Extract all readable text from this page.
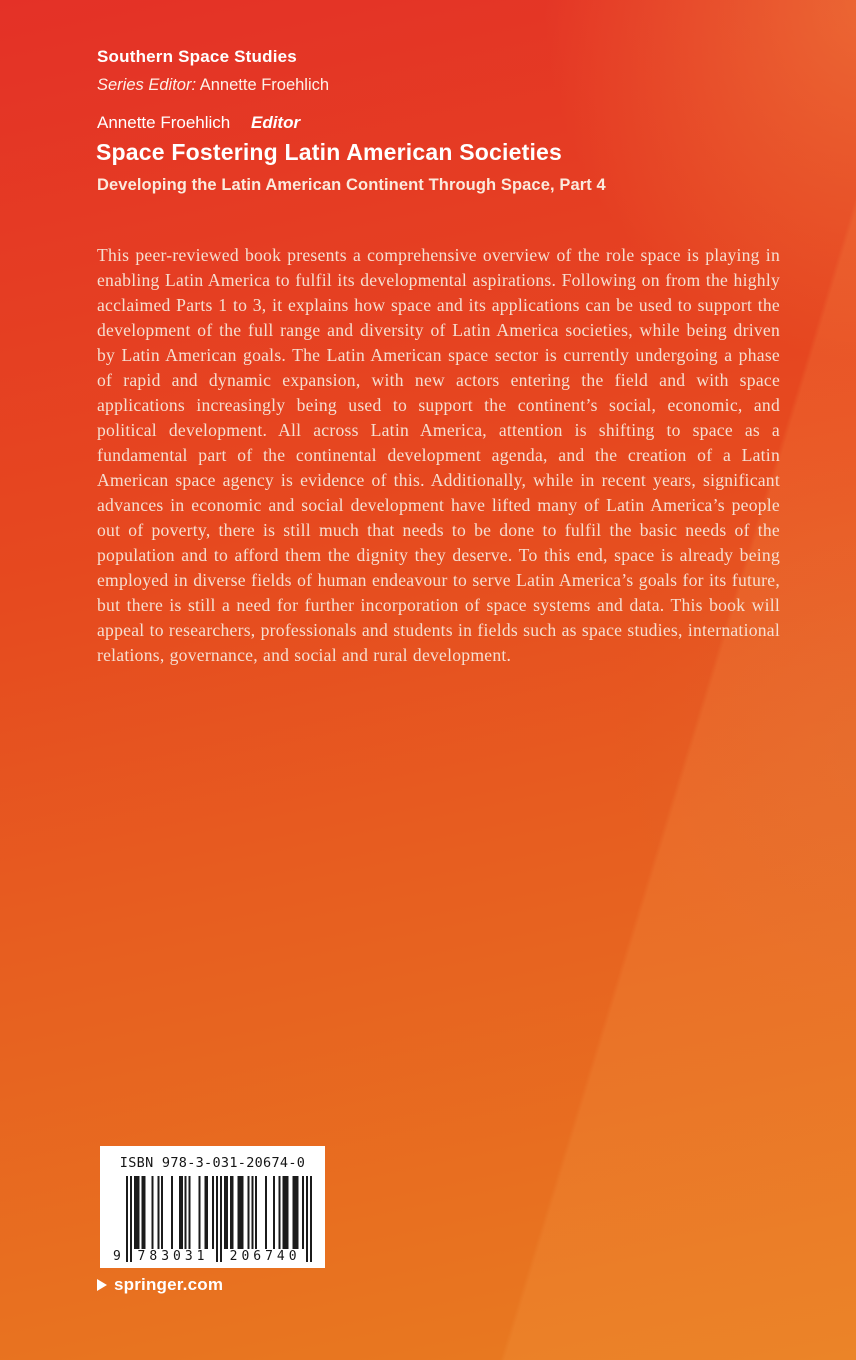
Southern Space Studies
Series Editor: Annette Froehlich
Annette Froehlich Editor
Space Fostering Latin American Societies
Developing the Latin American Continent Through Space, Part 4
This peer-reviewed book presents a comprehensive overview of the role space is playing in enabling Latin America to fulfil its developmental aspirations. Following on from the highly acclaimed Parts 1 to 3, it explains how space and its applications can be used to support the development of the full range and diversity of Latin America societies, while being driven by Latin American goals. The Latin American space sector is currently undergoing a phase of rapid and dynamic expansion, with new actors entering the field and with space applications increasingly being used to support the continent’s social, economic, and political development. All across Latin America, attention is shifting to space as a fundamental part of the continental development agenda, and the creation of a Latin American space agency is evidence of this. Additionally, while in recent years, significant advances in economic and social development have lifted many of Latin America’s people out of poverty, there is still much that needs to be done to fulfil the basic needs of the population and to afford them the dignity they deserve. To this end, space is already being employed in diverse fields of human endeavour to serve Latin America’s goals for its future, but there is still a need for further incorporation of space systems and data. This book will appeal to researchers, professionals and students in fields such as space studies, international relations, governance, and social and rural development.
ISBN 978-3-031-20674-0
9	783031	206740
springer.com
